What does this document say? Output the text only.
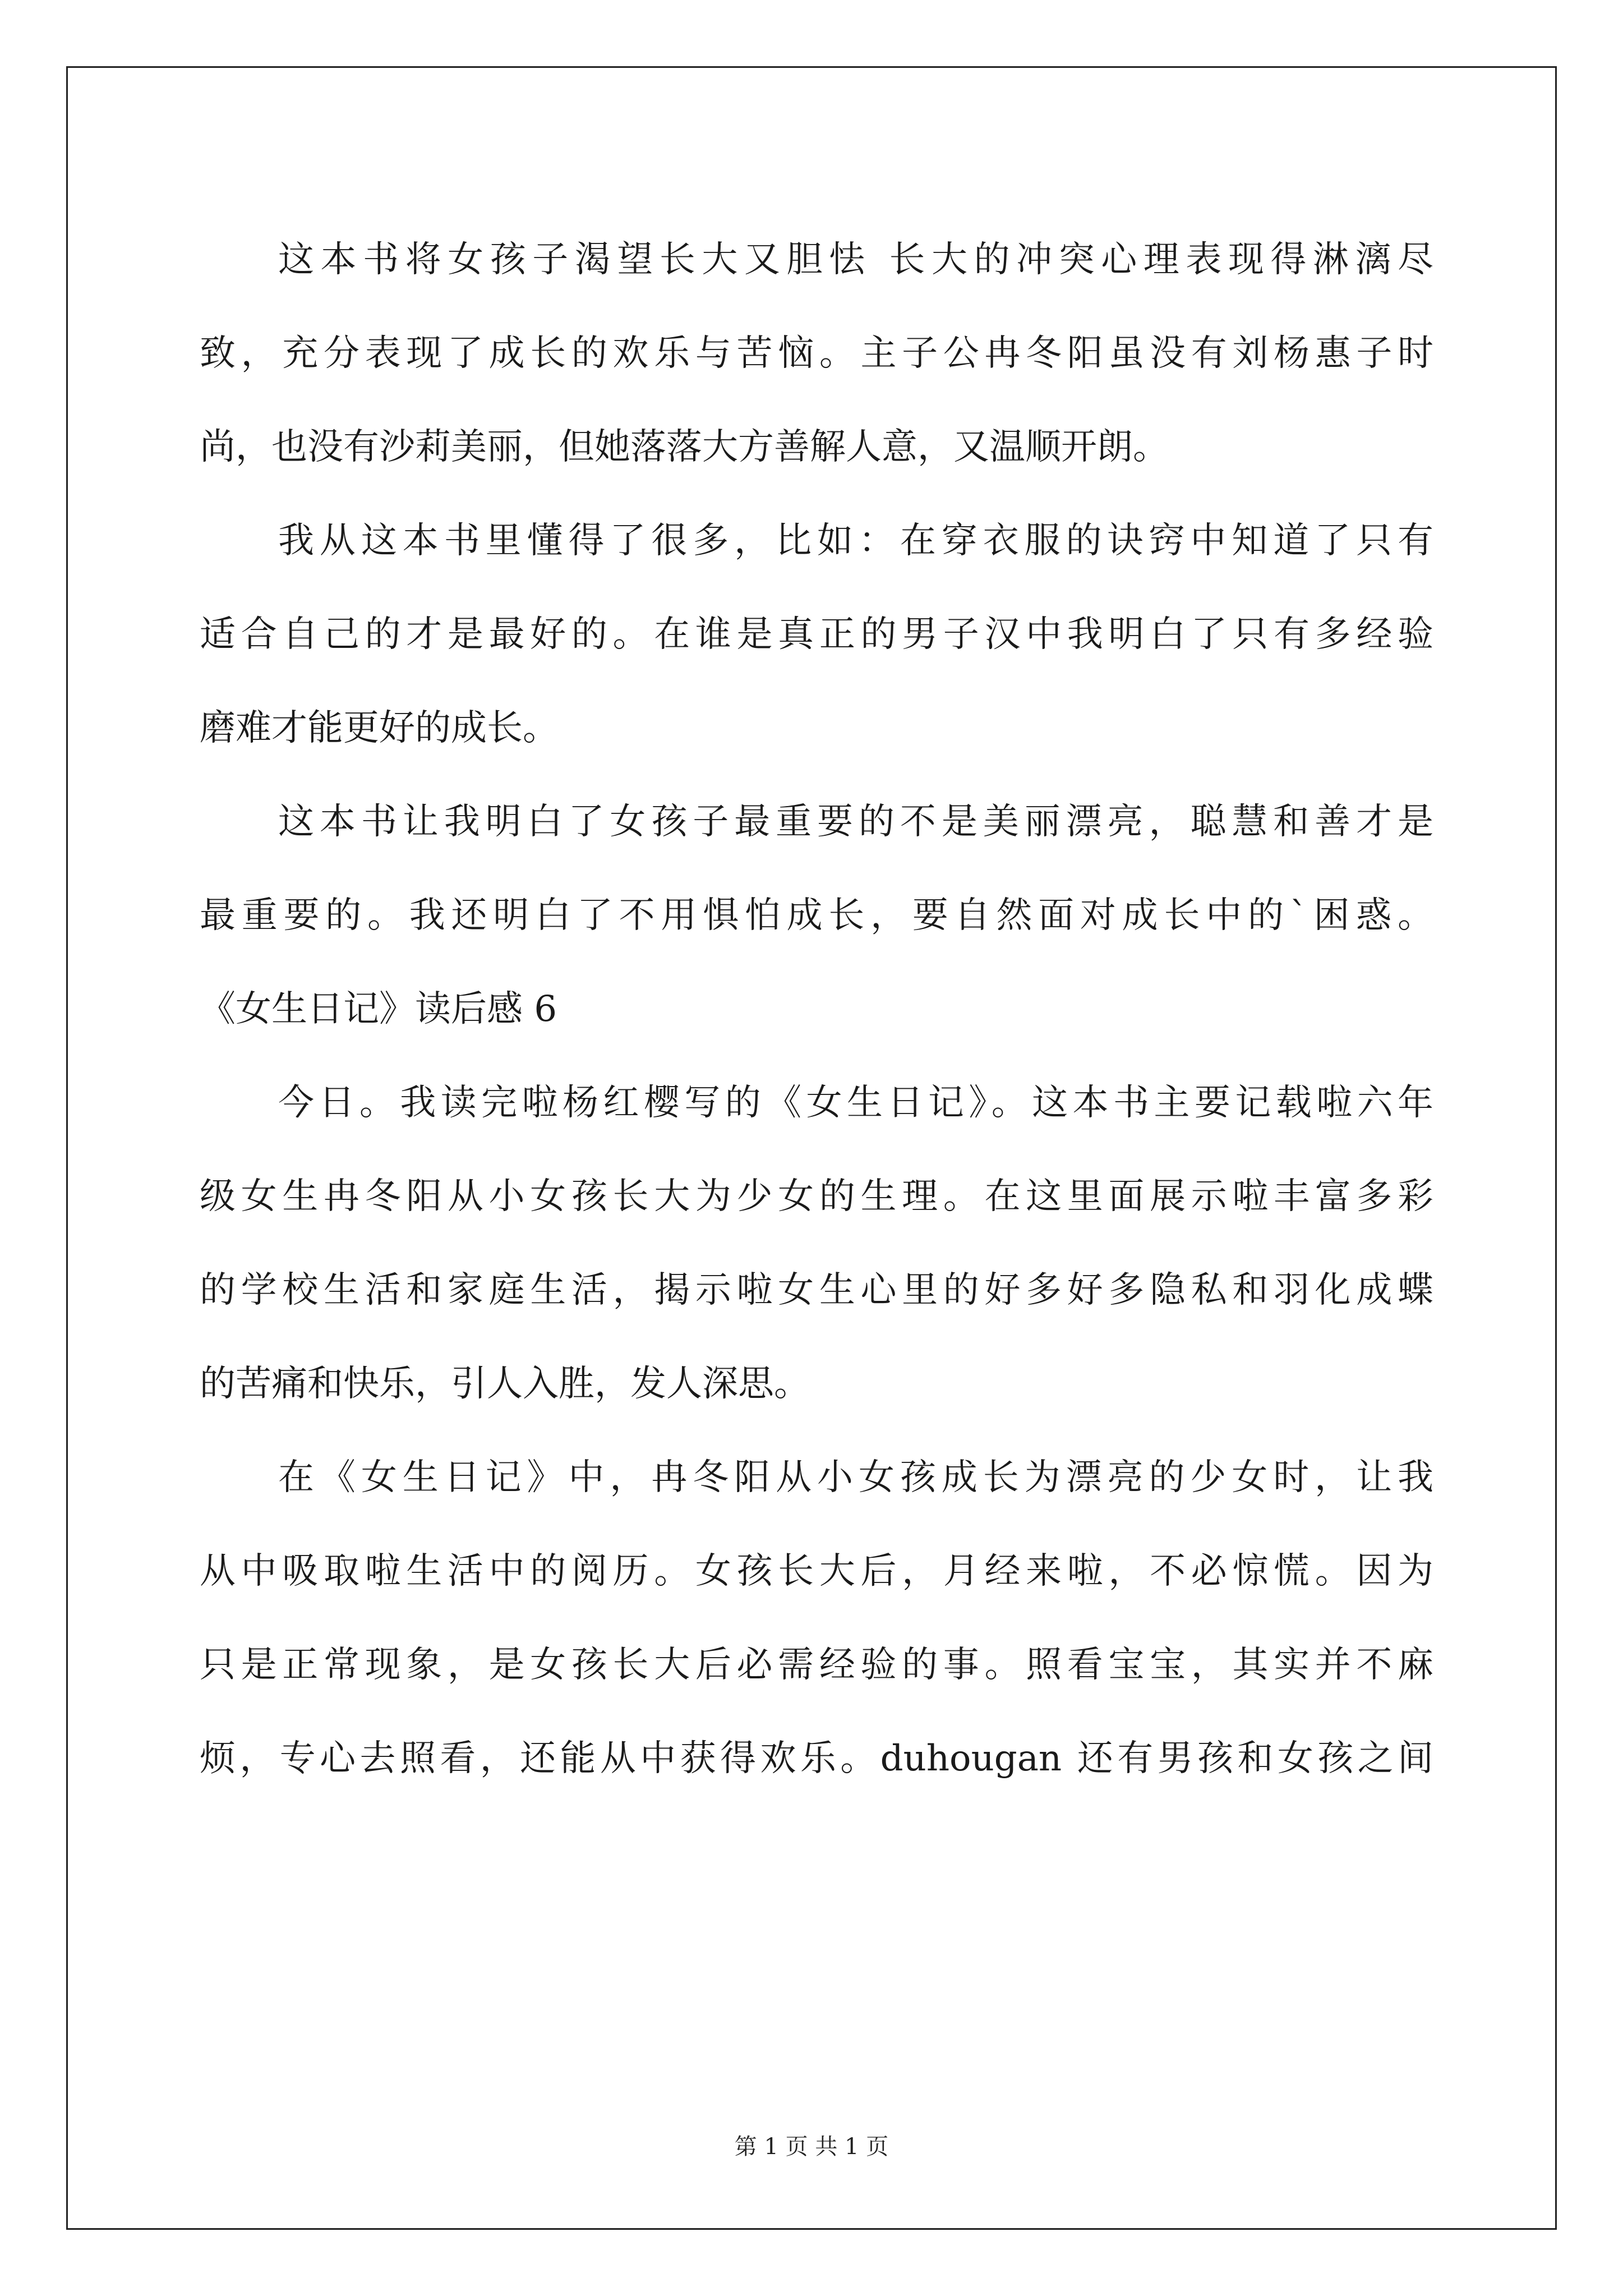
这本书将女孩子渴望长大又胆怯 长大的冲突心理表现得淋漓尽
致，充分表现了成长的欢乐与苦恼。主子公冉冬阳虽没有刘杨惠子时
尚，也没有沙莉美丽，但她落落大方善解人意，又温顺开朗。
我从这本书里懂得了很多，比如：在穿衣服的诀窍中知道了只有
适合自己的才是最好的。在谁是真正的男子汉中我明白了只有多经验
磨难才能更好的成长。
这本书让我明白了女孩子最重要的不是美丽漂亮，聪慧和善才是
最重要的。我还明白了不用惧怕成长，要自然面对成长中的`困惑。
《女生日记》读后感 6
今日。我读完啦杨红樱写的《女生日记》。这本书主要记载啦六年
级女生冉冬阳从小女孩长大为少女的生理。在这里面展示啦丰富多彩
的学校生活和家庭生活，揭示啦女生心里的好多好多隐私和羽化成蝶
的苦痛和快乐，引人入胜，发人深思。
在《女生日记》中，冉冬阳从小女孩成长为漂亮的少女时，让我
从中吸取啦生活中的阅历。女孩长大后，月经来啦，不必惊慌。因为
只是正常现象，是女孩长大后必需经验的事。照看宝宝，其实并不麻
烦，专心去照看，还能从中获得欢乐。duhougan 还有男孩和女孩之间
第 1 页 共 1 页
